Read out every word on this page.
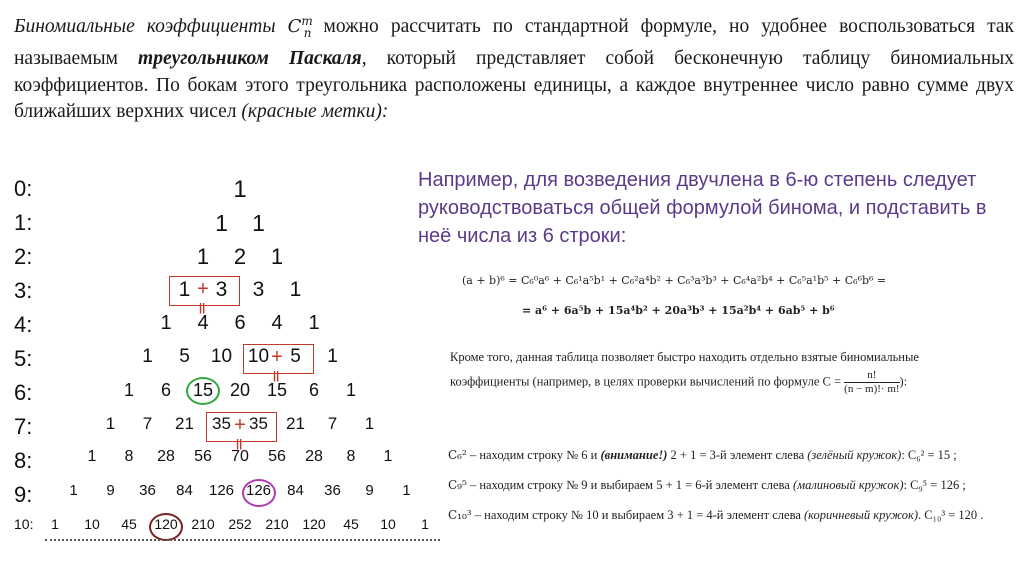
Биномиальные коэффициенты $C^m_n$ можно рассчитать по стандартной формуле, но удобнее воспользоваться так называемым треугольником Паскаля, который представляет собой бесконечную таблицу биномиальных коэффициентов. По бокам этого треугольника расположены единицы, а каждое внутреннее число равно сумме двух ближайших верхних чисел (красные метки):
0:	1
1:	1 1
2:	1 2 1
3:	1 3 3 1
4:	1 4 6 4 1
5:	1 5 10 10 5 1
6:	1 6 15 20 15 6 1
7:	1 7 21 35 35 21 7 1
8:	1 8 28 56 70 56 28 8 1
9: 1 9 36 84 126 126 84 36 9 1
10: 1 10 45 120 210 252 210 120 45 10 1
+
||
+
||
+
||
Например, для возведения двучлена в 6-ю степень следует руководствоваться общей формулой бинома, и подставить в неё числа из 6 строки:
(a + b)⁶ = C₆⁰a⁶ + C₆¹a⁵b¹ + C₆²a⁴b² + C₆³a³b³ + C₆⁴a²b⁴ + C₆⁵a¹b⁵ + C₆⁶b⁶ =
= a⁶ + 6a⁵b + 15a⁴b² + 20a³b³ + 15a²b⁴ + 6ab⁵ + b⁶
Кроме того, данная таблица позволяет быстро находить отдельно взятые биномиальные
коэффициенты (например, в целях проверки вычислений по формуле $C = \frac{n!}{(n - m)!\cdot m!}$):
C₆² – находим строку № 6 и (внимание!) 2 + 1 = 3-й элемент слева (зелёный кружок): C₆² = 15 ;
C₉⁵ – находим строку № 9 и выбираем 5 + 1 = 6-й элемент слева (малиновый кружок): C₉⁵ = 126 ;
C₁₀³ – находим строку № 10 и выбираем 3 + 1 = 4-й элемент слева (коричневый кружок). C₁₀³ = 120 .
